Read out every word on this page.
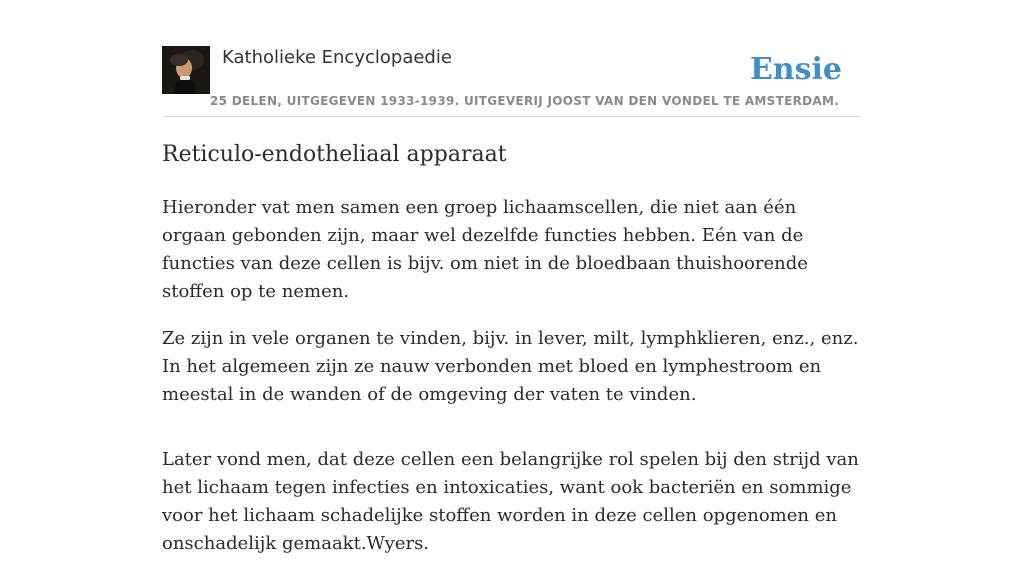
Katholieke Encyclopaedie
25 DELEN, UITGEGEVEN 1933-1939. UITGEVERIJ JOOST VAN DEN VONDEL TE AMSTERDAM.
Ensie
Reticulo-endotheliaal apparaat

Hieronder vat men samen een groep lichaamscellen, die niet aan één orgaan gebonden zijn, maar wel dezelfde functies hebben. Eén van de functies van deze cellen is bijv. om niet in de bloedbaan thuishoorende stoffen op te nemen.

Ze zijn in vele organen te vinden, bijv. in lever, milt, lymphklieren, enz., enz. In het algemeen zijn ze nauw verbonden met bloed en lymphestroom en meestal in de wanden of de omgeving der vaten te vinden.

Later vond men, dat deze cellen een belangrijke rol spelen bij den strijd van het lichaam tegen infecties en intoxicaties, want ook bacteriën en sommige voor het lichaam schadelijke stoffen worden in deze cellen opgenomen en onschadelijk gemaakt.Wyers.
